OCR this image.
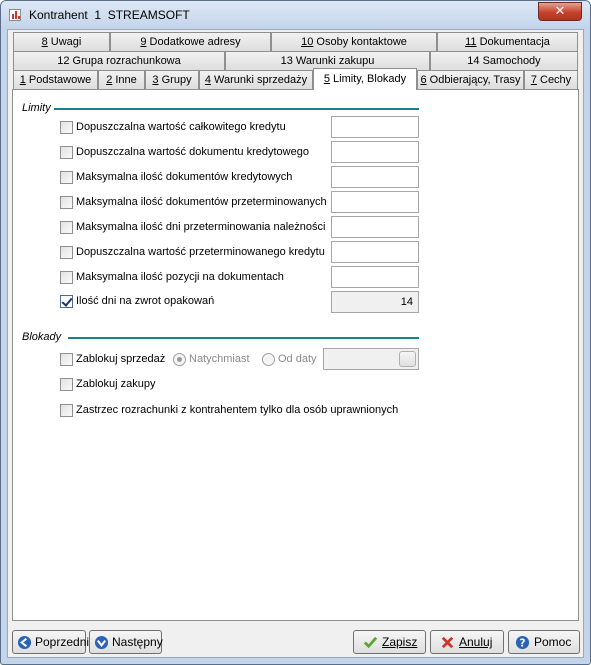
Kontrahent  1  STREAMSOFT	✕
8 Uwagi	9 Dodatkowe adresy	10 Osoby kontaktowe	11 Dokumentacja
12 Grupa rozrachunkowa	13 Warunki zakupu	14 Samochody
1 Podstawowe	2 Inne	3 Grupy	4 Warunki sprzedaży	5 Limity, Blokady	6 Odbierający, Trasy 7 Cechy
Limity
Dopuszczalna wartość całkowitego kredytu
Dopuszczalna wartość dokumentu kredytowego
Maksymalna ilość dokumentów kredytowych
Maksymalna ilość dokumentów przeterminowanych
Maksymalna ilość dni przeterminowania należności
Dopuszczalna wartość przeterminowanego kredytu
Maksymalna ilość pozycji na dokumentach
Ilość dni na zwrot opakowań	14
Blokady
Zablokuj sprzedaż Natychmiast	Od daty
Zablokuj zakupy
Zastrzec rozrachunki z kontrahentem tylko dla osób uprawnionych
Poprzedni Następny	Zapisz	Anuluj ? Pomoc
